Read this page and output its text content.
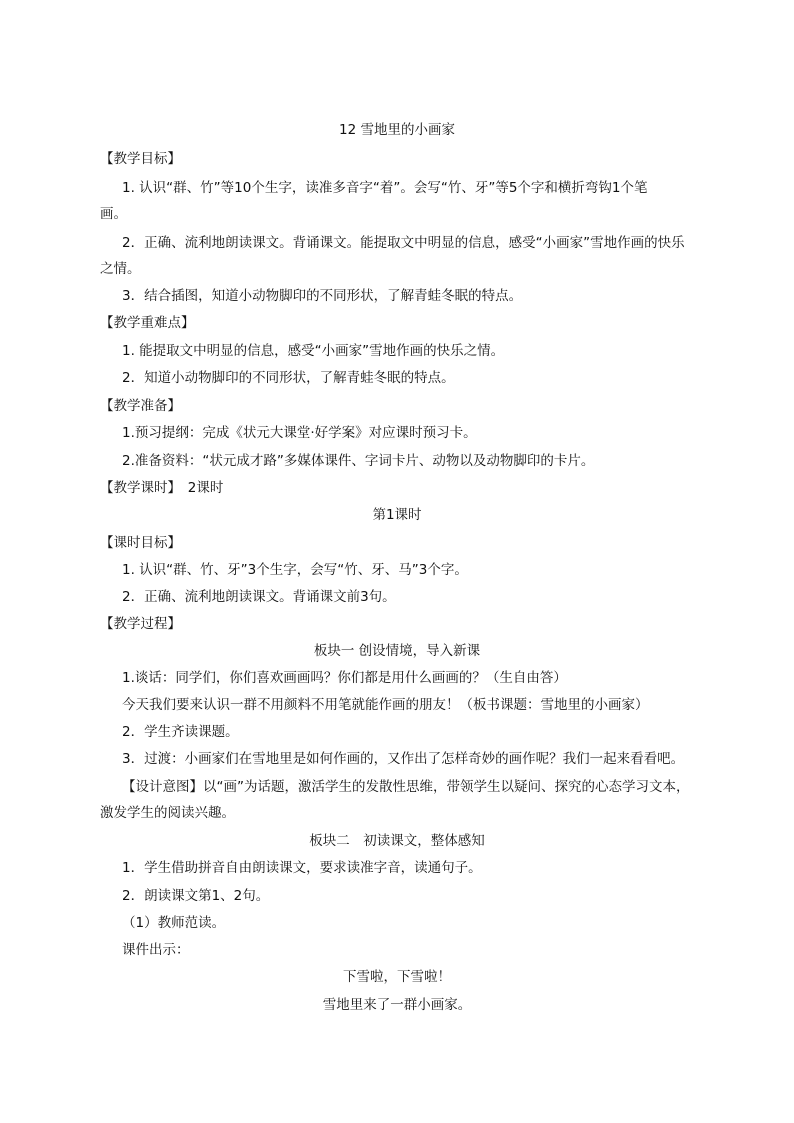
12 雪地里的小画家
【教学目标】
1. 认识“群、竹”等10个生字，读准多音字“着”。会写“竹、牙”等5个字和横折弯钩1个笔
画。
2．正确、流利地朗读课文。背诵课文。能提取文中明显的信息，感受“小画家”雪地作画的快乐
之情。
3．结合插图，知道小动物脚印的不同形状，了解青蛙冬眠的特点。
【教学重难点】
1. 能提取文中明显的信息，感受“小画家”雪地作画的快乐之情。
2．知道小动物脚印的不同形状，了解青蛙冬眠的特点。
【教学准备】
1.预习提纲：完成《状元大课堂·好学案》对应课时预习卡。
2.准备资料：“状元成才路”多媒体课件、字词卡片、动物以及动物脚印的卡片。
【教学课时】　2课时
第1课时
【课时目标】
1. 认识“群、竹、牙”3个生字，会写“竹、牙、马”3个字。
2．正确、流利地朗读课文。背诵课文前3句。
【教学过程】
板块一 创设情境，导入新课
1.谈话：同学们，你们喜欢画画吗？你们都是用什么画画的？（生自由答）
今天我们要来认识一群不用颜料不用笔就能作画的朋友！（板书课题：雪地里的小画家）
2．学生齐读课题。
3．过渡：小画家们在雪地里是如何作画的，又作出了怎样奇妙的画作呢？我们一起来看看吧。
【设计意图】以“画”为话题，激活学生的发散性思维，带领学生以疑问、探究的心态学习文本，
激发学生的阅读兴趣。
板块二　初读课文，整体感知
1．学生借助拼音自由朗读课文，要求读准字音，读通句子。
2．朗读课文第1、2句。
（1）教师范读。
课件出示：
下雪啦，下雪啦！
雪地里来了一群小画家。
